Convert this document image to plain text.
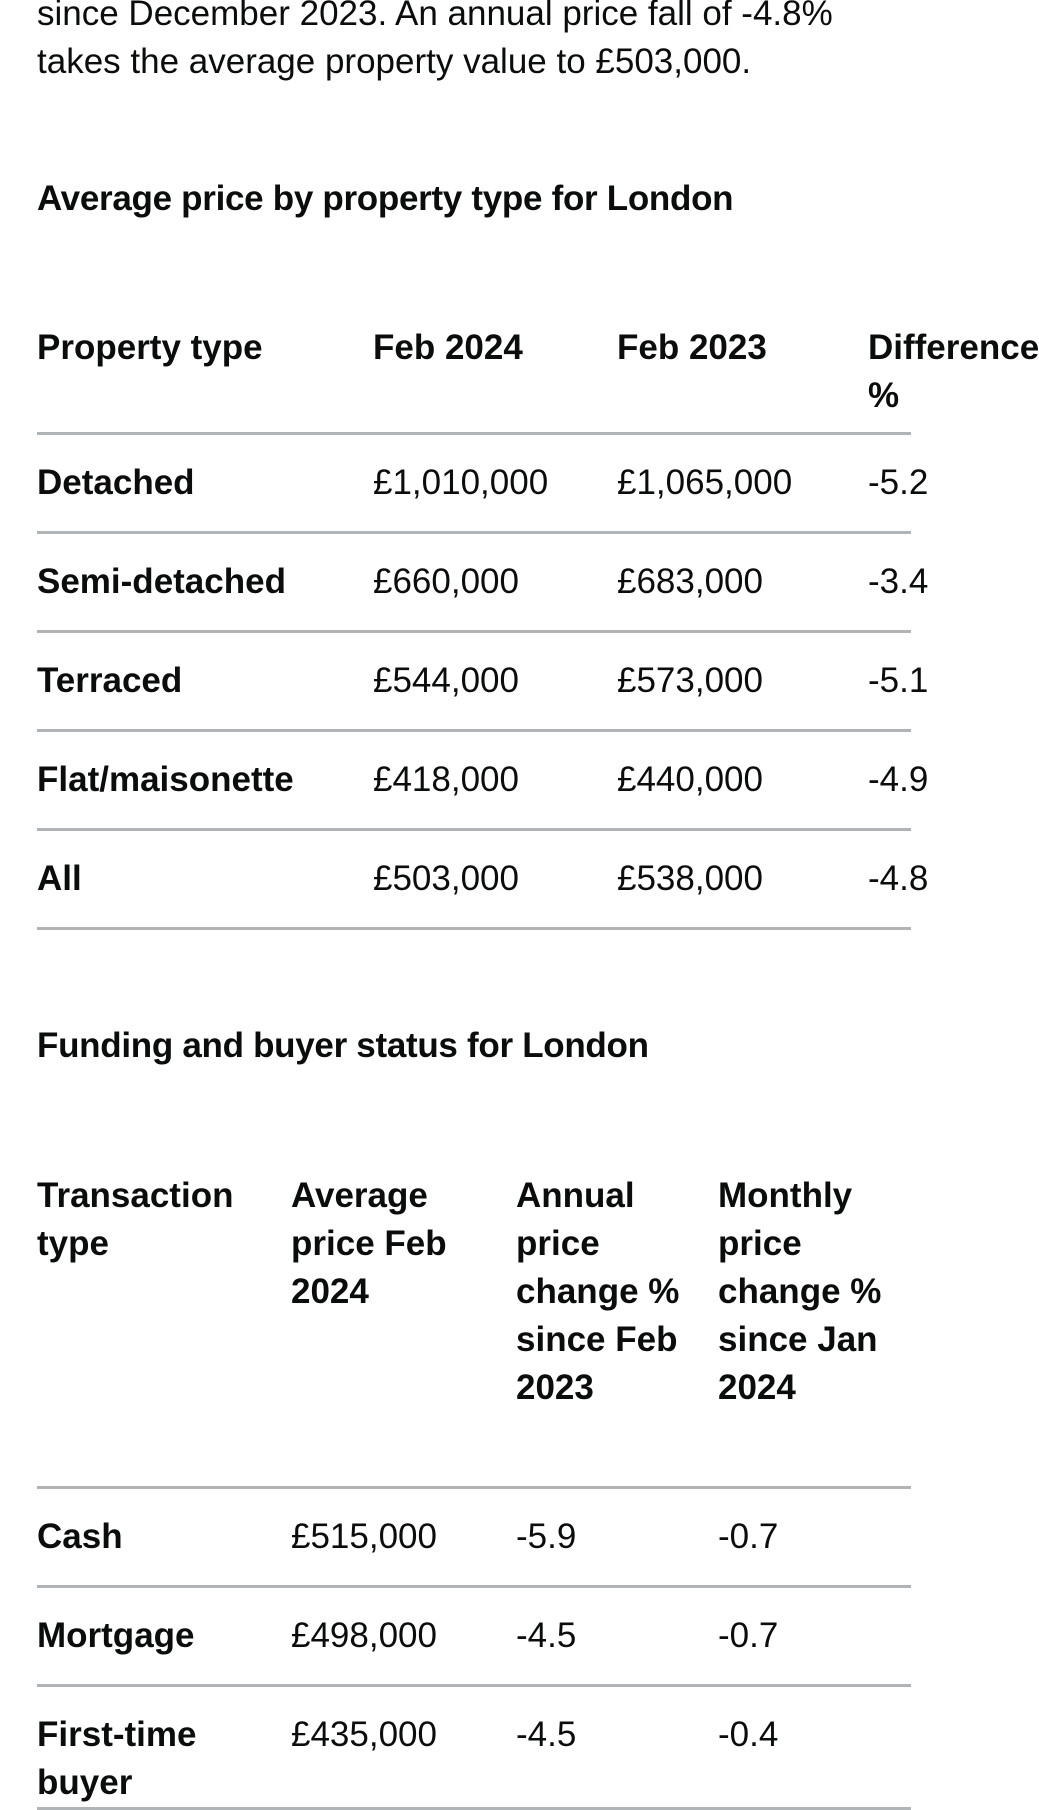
since December 2023. An annual price fall of -4.8% takes the average property value to £503,000.

Average price by property type for London
Property type	Feb 2024	Feb 2023	Difference %
Detached	£1,010,000	£1,065,000	-5.2
Semi-detached	£660,000	£683,000	-3.4
Terraced	£544,000	£573,000	-5.1
Flat/maisonette	£418,000	£440,000	-4.9
All	£503,000	£538,000	-4.8
Funding and buyer status for London
Transaction type	Average price Feb 2024	Annual price change % since Feb 2023	Monthly price change % since Jan 2024
Cash	£515,000	-5.9	-0.7
Mortgage	£498,000	-4.5	-0.7
First-time buyer	£435,000	-4.5	-0.4
